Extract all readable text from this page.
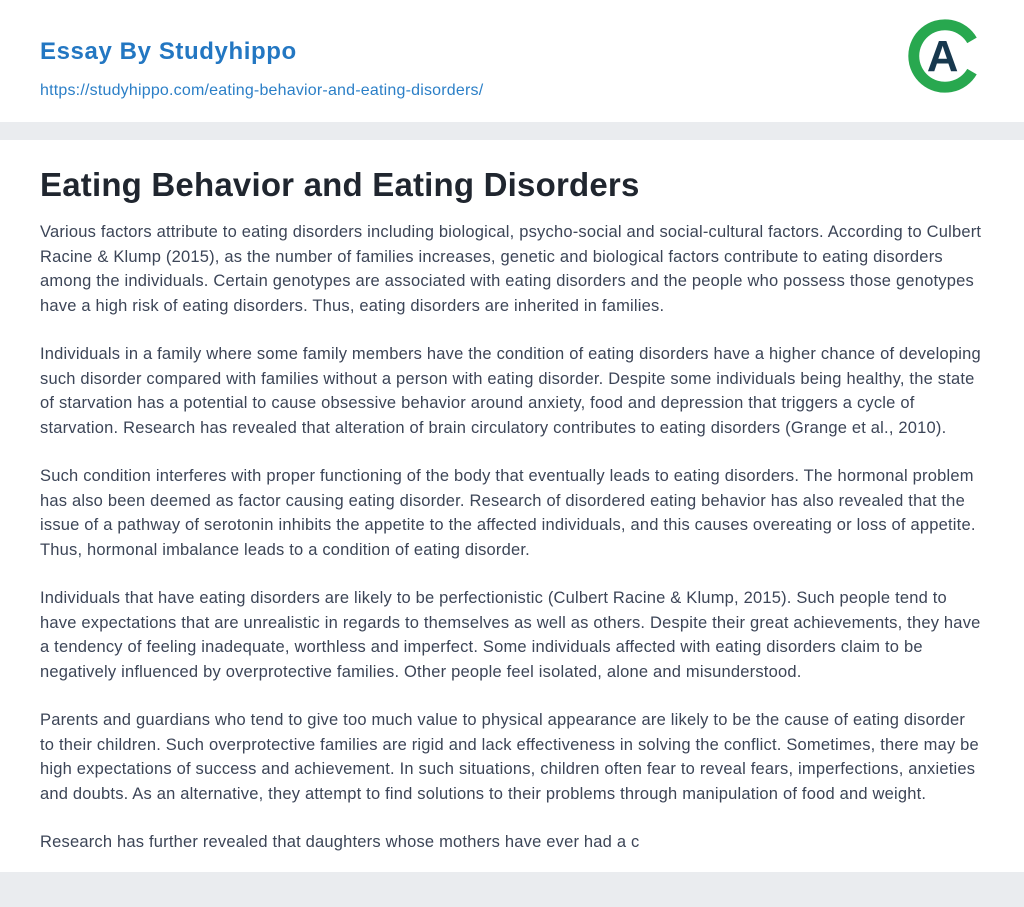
Essay By Studyhippo
https://studyhippo.com/eating-behavior-and-eating-disorders/
A
Eating Behavior and Eating Disorders

Various factors attribute to eating disorders including biological, psycho-social and social-cultural factors. According to Culbert Racine & Klump (2015), as the number of families increases, genetic and biological factors contribute to eating disorders among the individuals. Certain genotypes are associated with eating disorders and the people who possess those genotypes have a high risk of eating disorders. Thus, eating disorders are inherited in families.

Individuals in a family where some family members have the condition of eating disorders have a higher chance of developing such disorder compared with families without a person with eating disorder. Despite some individuals being healthy, the state of starvation has a potential to cause obsessive behavior around anxiety, food and depression that triggers a cycle of starvation. Research has revealed that alteration of brain circulatory contributes to eating disorders (Grange et al., 2010).

Such condition interferes with proper functioning of the body that eventually leads to eating disorders. The hormonal problem has also been deemed as factor causing eating disorder. Research of disordered eating behavior has also revealed that the issue of a pathway of serotonin inhibits the appetite to the affected individuals, and this causes overeating or loss of appetite. Thus, hormonal imbalance leads to a condition of eating disorder.

Individuals that have eating disorders are likely to be perfectionistic (Culbert Racine & Klump, 2015). Such people tend to have expectations that are unrealistic in regards to themselves as well as others. Despite their great achievements, they have a tendency of feeling inadequate, worthless and imperfect. Some individuals affected with eating disorders claim to be negatively influenced by overprotective families. Other people feel isolated, alone and misunderstood.

Parents and guardians who tend to give too much value to physical appearance are likely to be the cause of eating disorder to their children. Such overprotective families are rigid and lack effectiveness in solving the conflict. Sometimes, there may be high expectations of success and achievement. In such situations, children often fear to reveal fears, imperfections, anxieties and doubts. As an alternative, they attempt to find solutions to their problems through manipulation of food and weight.

Research has further revealed that daughters whose mothers have ever had a c
